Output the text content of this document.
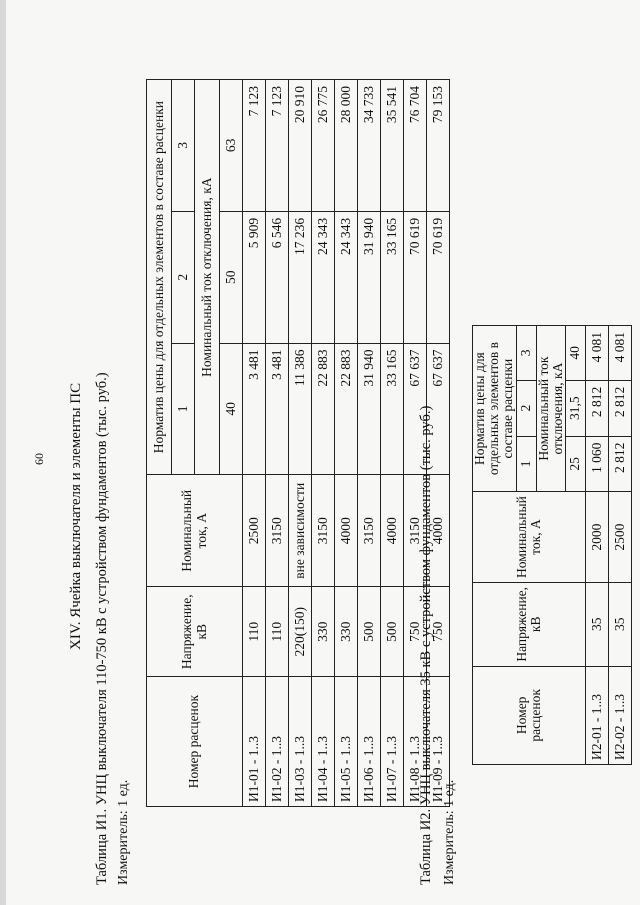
60 XIV. Ячейка выключателя и элементы ПС Таблица И1. УНЦ выключателя 110-750 кВ с устройством фундаментов (тыс. руб.) Измеритель: 1 ед.
Номер расценок	Напряжение, кВ	Номинальный ток, А	Норматив цены для отдельных элементов в составе расценки		
			1	2	3
			Номинальный ток отключения, кА		
			40	50	63
И1-01 - 1..3	110	2500	3 481	5 909	7 123
И1-02 - 1..3	110	3150	3 481	6 546	7 123
И1-03 - 1..3	220(150)	вне зависимости	11 386	17 236	20 910
И1-04 - 1..3	330	3150	22 883	24 343	26 775
И1-05 - 1..3	330	4000	22 883	24 343	28 000
И1-06 - 1..3	500	3150	31 940	31 940	34 733
И1-07 - 1..3	500	4000	33 165	33 165	35 541
И1-08 - 1..3	750	3150	67 637	70 619	76 704
И1-09 - 1..3	750	4000	67 637	70 619	79 153
Таблица И2. УНЦ выключателя 35 кВ с устройством фундаментов (тыс. руб.) Измеритель: 1 ед.
Номер расценок	Напряжение, кВ	Номинальный ток, А	Норматив цены для отдельных элементов в составе расценки		
			1	2	3
			Номинальный ток отключения, кА		
			25	31,5	40
И2-01 - 1..3	35	2000	1 060	2 812	4 081
И2-02 - 1..3	35	2500	2 812	2 812	4 081
